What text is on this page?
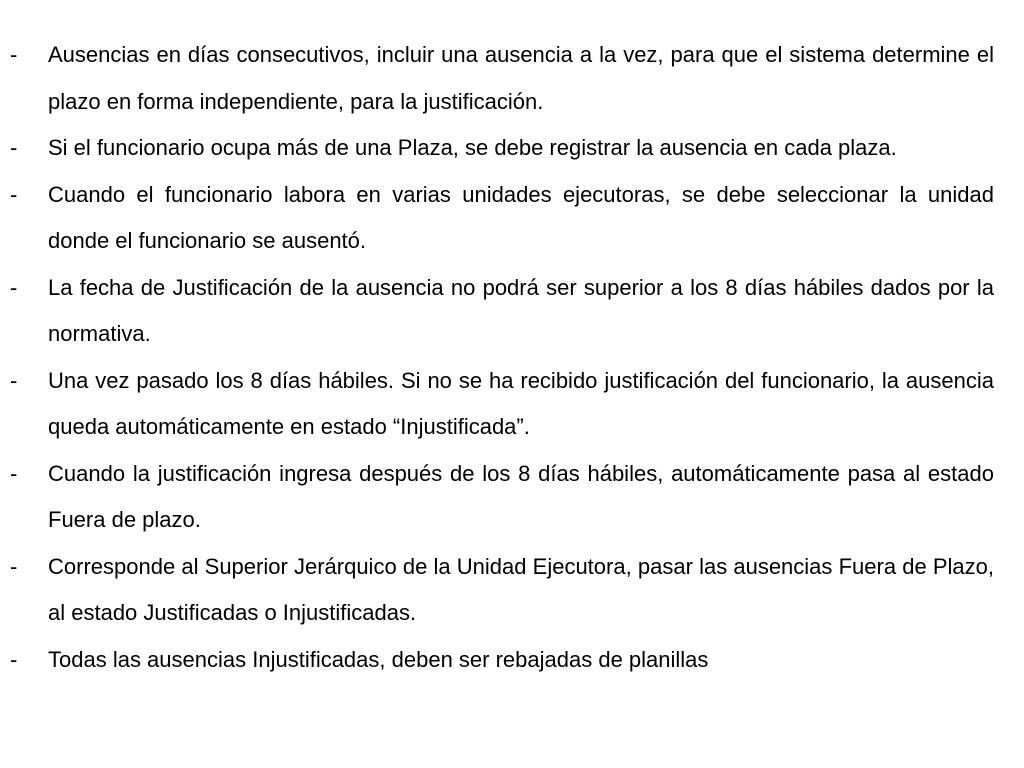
-	Ausencias en días consecutivos, incluir una ausencia a la vez, para que el sistema determine el plazo en forma independiente, para la justificación.
-	Si el funcionario ocupa más de una Plaza, se debe registrar la ausencia en cada plaza.
-	Cuando el funcionario labora en varias unidades ejecutoras, se debe seleccionar la unidad donde el funcionario se ausentó.
-	La fecha de Justificación de la ausencia no podrá ser superior a los 8 días hábiles dados por la normativa.
-	Una vez pasado los 8 días hábiles. Si no se ha recibido justificación del funcionario, la ausencia queda automáticamente en estado “Injustificada”.
-	Cuando la justificación ingresa después de los 8 días hábiles, automáticamente pasa al estado Fuera de plazo.
-	Corresponde al Superior Jerárquico de la Unidad Ejecutora, pasar las ausencias Fuera de Plazo, al estado Justificadas o Injustificadas.
-	Todas las ausencias Injustificadas, deben ser rebajadas de planillas
